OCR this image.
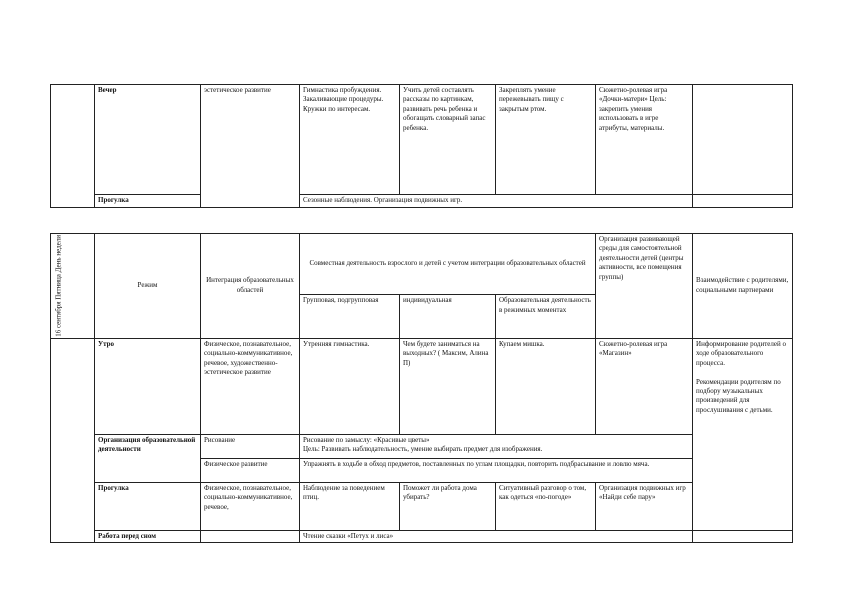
	Вечер	эстетическое развитие	Гимнастика пробуждения. Закаливающие процедуры. Кружки по интересам.	Учить детей составлять рассказы по картинкам, развивать речь ребенка и обогащать словарный запас ребенка.	Закреплять умение пережевывать пищу с закрытым ртом.	Сюжетно-ролевая игра «Дочки-матери» Цель: закрепить умения использовать в игре атрибуты, материалы.	
	Прогулка		Сезонные наблюдения. Организация подвижных игр.				
16 сентября Пятница День недели	Режим	Интеграция образовательных областей	Совместная деятельность взрослого и детей с учетом интеграции образовательных областей			Организация развивающей среды для самостоятельной деятельности детей (центры активности, все помещения группы)	Взаимодействие с родителями, социальными партнерами
			Групповая, подгрупповая	индивидуальная	Образовательная деятельность в режимных моментах		
	Утро	Физическое, познавательное, социально-коммуникативное, речевое, художественно-эстетическое развитие	Утренняя гимнастика.	Чем будете заниматься на выходных? ( Максим, Алина П)	Купаем мишка.	Сюжетно-ролевая игра «Магазин»	Информирование родителей о ходе образовательного процесса.

Рекомендации родителям по подбору музыкальных произведений для прослушивания с детьми.
	Организация образовательной деятельности	Рисование	Рисование по замыслу: «Красивые цветы»
Цель: Развивать наблюдательность, умение выбирать предмет для изображения.				

		Физическое развитие	Упражнять в ходьбе в обход предметов, поставленных по углам площадки, повторить подбрасывание и ловлю мяча.				
	Прогулка	Физическое, познавательное, социально-коммуникативное, речевое,	Наблюдение за поведением птиц.	Поможет ли работа дома убирать?	Ситуативный разговор о том, как одеться «по-погоде»	Организация подвижных игр «Найди себе пару»	
	Работа перед сном		Чтение сказки «Петух и лиса»				
